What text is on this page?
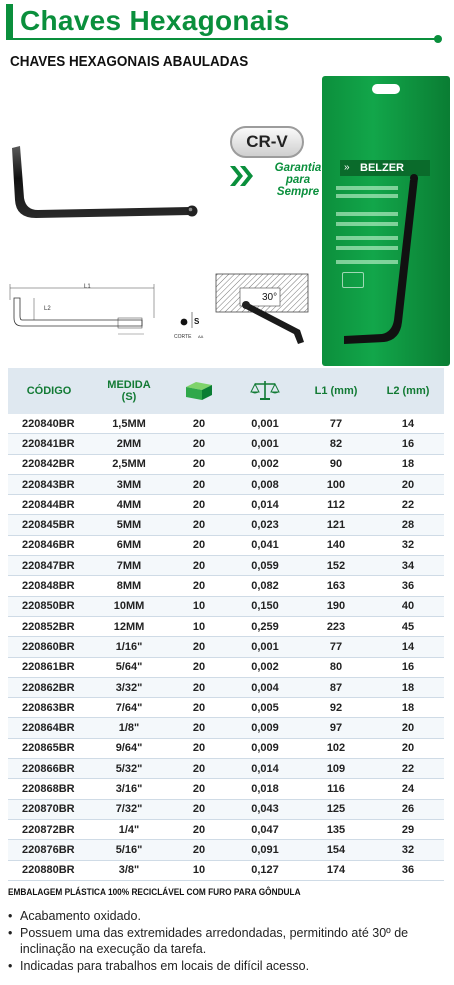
Chaves Hexagonais
CHAVES HEXAGONAIS ABAULADAS
L1
L2
S
CORTE AA
30°
CR-V
Garantia
para
Sempre
BELZER
»
CÓDIGO	MEDIDA
(S)			L1 (mm)	L2 (mm)
220840BR	1,5MM	20	0,001	77	14
220841BR	2MM	20	0,001	82	16
220842BR	2,5MM	20	0,002	90	18
220843BR	3MM	20	0,008	100	20
220844BR	4MM	20	0,014	112	22
220845BR	5MM	20	0,023	121	28
220846BR	6MM	20	0,041	140	32
220847BR	7MM	20	0,059	152	34
220848BR	8MM	20	0,082	163	36
220850BR	10MM	10	0,150	190	40
220852BR	12MM	10	0,259	223	45
220860BR	1/16"	20	0,001	77	14
220861BR	5/64"	20	0,002	80	16
220862BR	3/32"	20	0,004	87	18
220863BR	7/64"	20	0,005	92	18
220864BR	1/8"	20	0,009	97	20
220865BR	9/64"	20	0,009	102	20
220866BR	5/32"	20	0,014	109	22
220868BR	3/16"	20	0,018	116	24
220870BR	7/32"	20	0,043	125	26
220872BR	1/4"	20	0,047	135	29
220876BR	5/16"	20	0,091	154	32
220880BR	3/8"	10	0,127	174	36
EMBALAGEM PLÁSTICA 100% RECICLÁVEL COM FURO PARA GÔNDULA
• Acabamento oxidado.
• Possuem uma das extremidades arredondadas, permitindo até 30º de inclinação na execução da tarefa.
• Indicadas para trabalhos em locais de difícil acesso.
